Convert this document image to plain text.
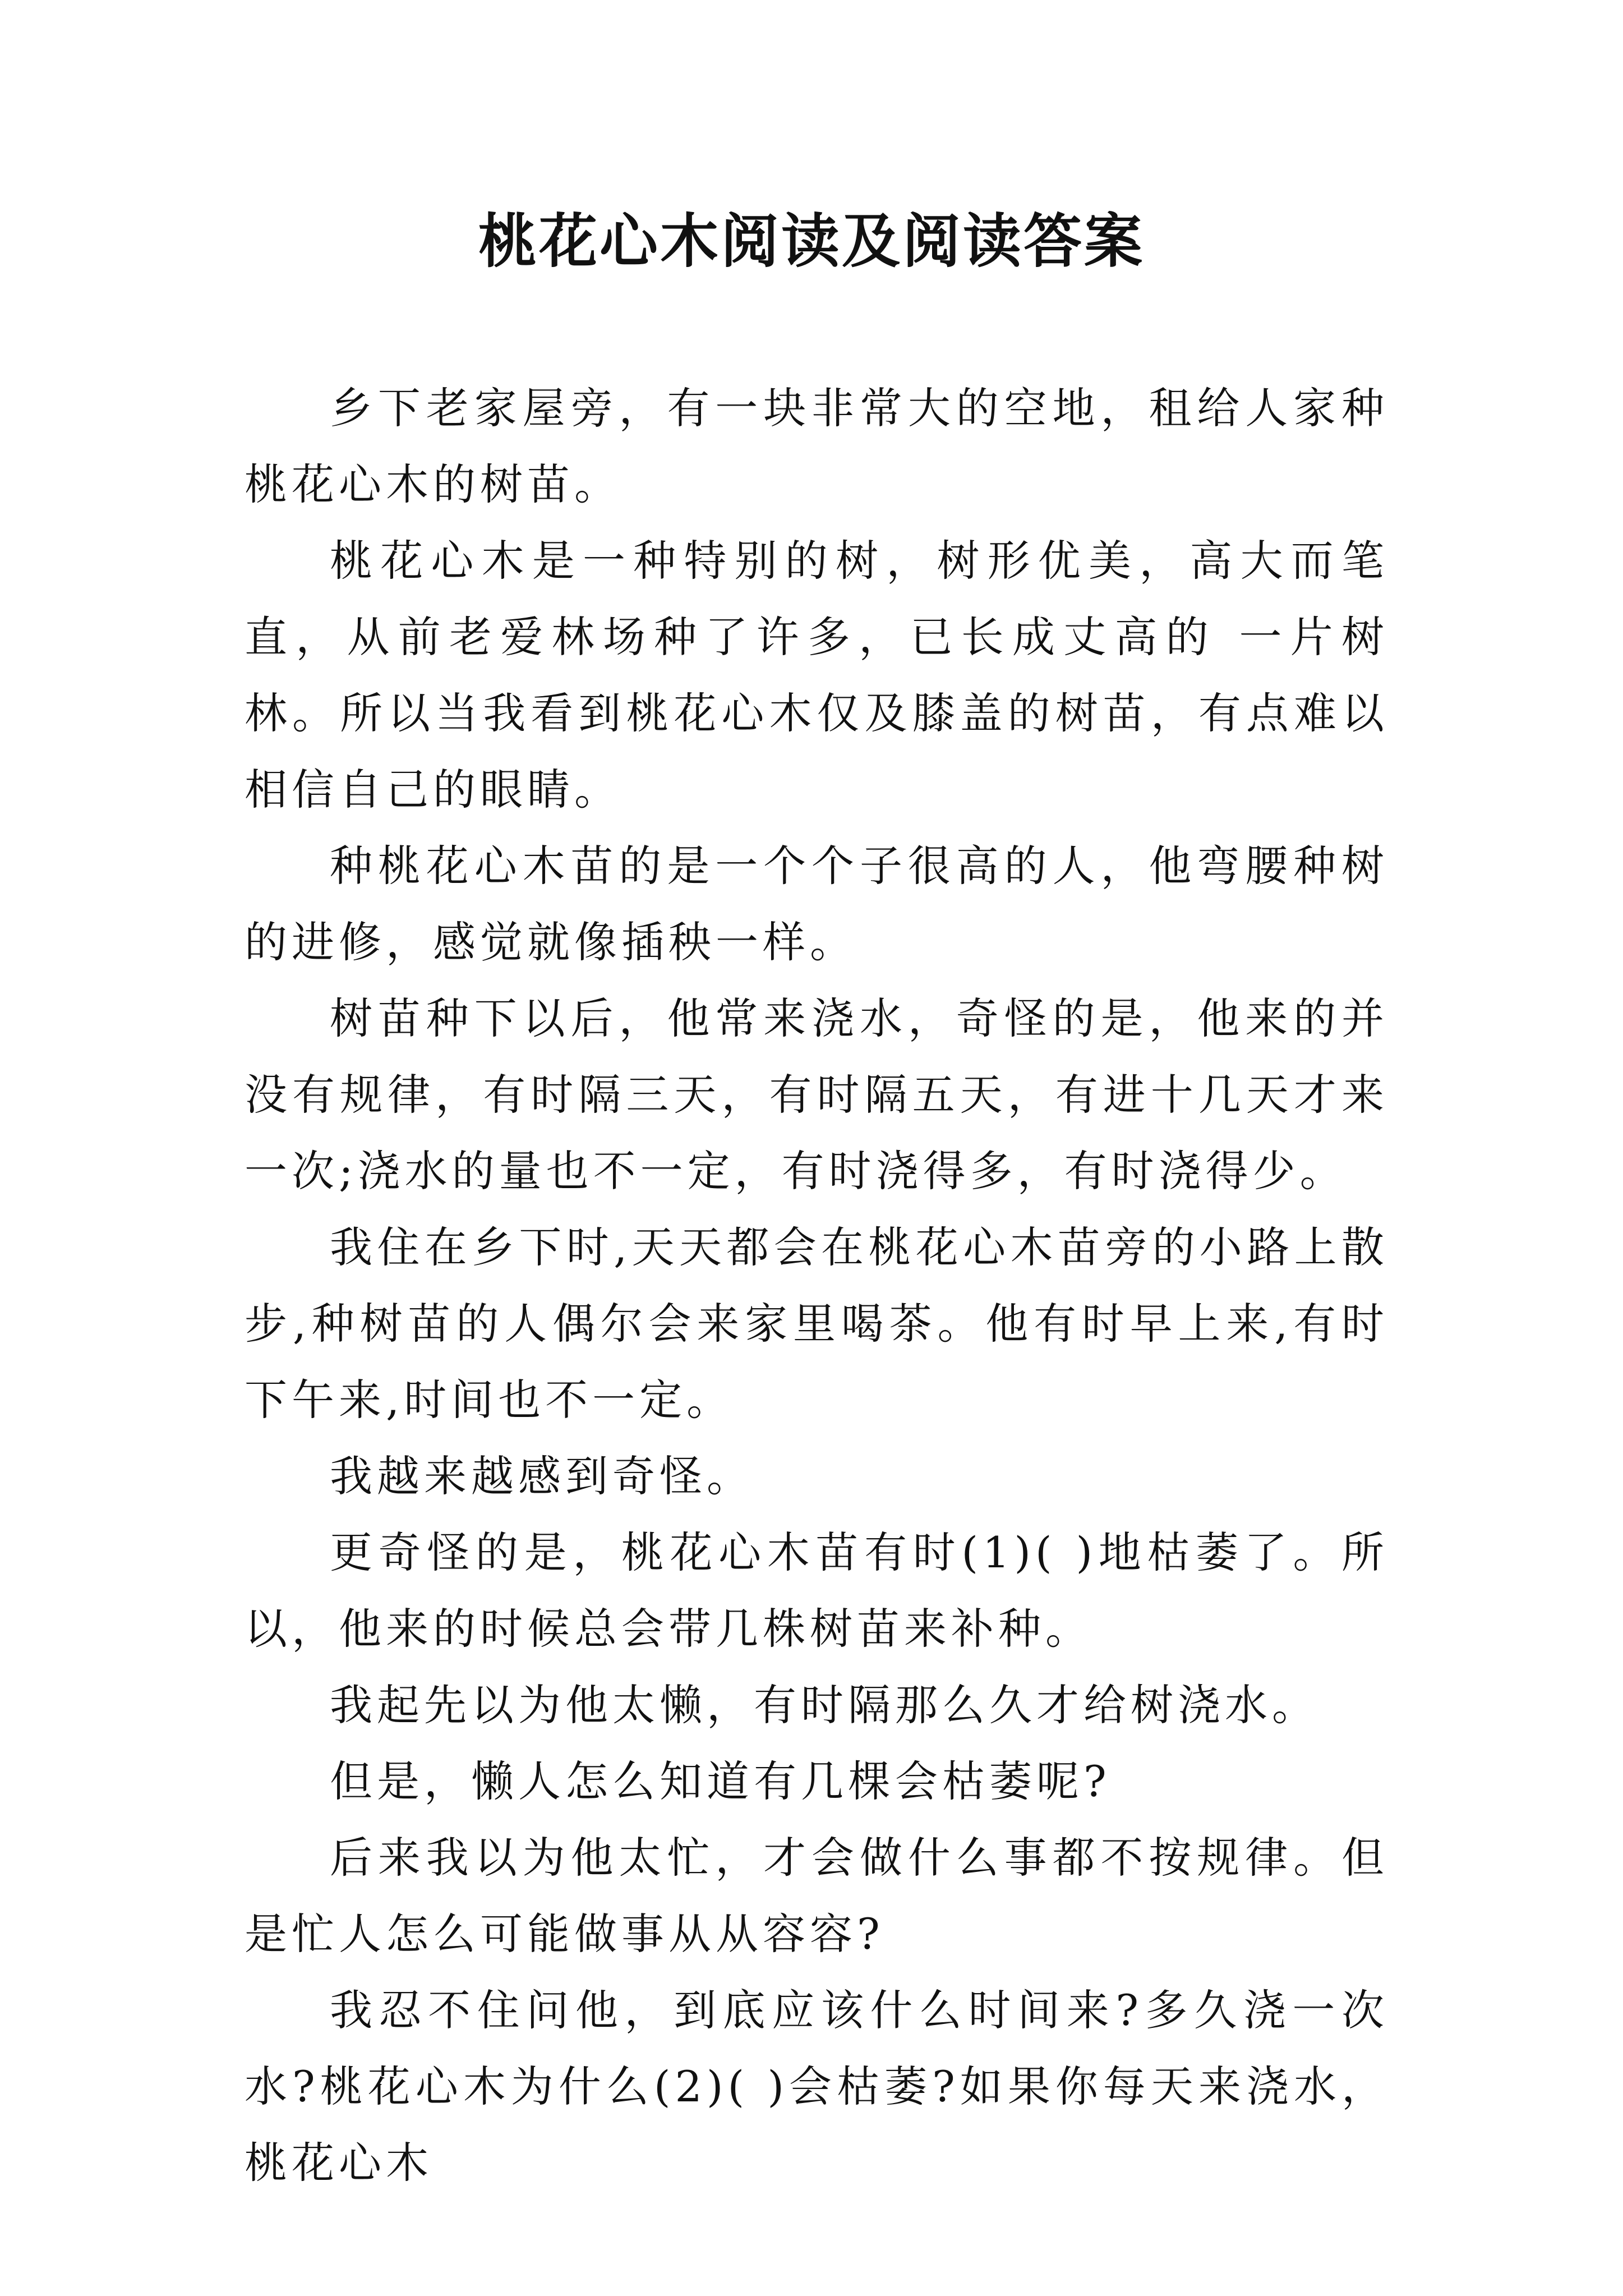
桃花心木阅读及阅读答案

乡下老家屋旁，有一块非常大的空地，租给人家种桃花心木的树苗。

桃花心木是一种特别的树，树形优美，高大而笔直，从前老爱林场种了许多，已长成丈高的 一片树林。所以当我看到桃花心木仅及膝盖的树苗，有点难以相信自己的眼睛。

种桃花心木苗的是一个个子很高的人，他弯腰种树的进修，感觉就像插秧一样。

树苗种下以后，他常来浇水，奇怪的是，他来的并没有规律，有时隔三天，有时隔五天，有进十几天才来一次;浇水的量也不一定，有时浇得多，有时浇得少。

我住在乡下时,天天都会在桃花心木苗旁的小路上散步,种树苗的人偶尔会来家里喝茶。他有时早上来,有时下午来,时间也不一定。

我越来越感到奇怪。

更奇怪的是，桃花心木苗有时(1)( )地枯萎了。所以，他来的时候总会带几株树苗来补种。

我起先以为他太懒，有时隔那么久才给树浇水。

但是，懒人怎么知道有几棵会枯萎呢?

后来我以为他太忙，才会做什么事都不按规律。但是忙人怎么可能做事从从容容?

我忍不住问他，到底应该什么时间来?多久浇一次水?桃花心木为什么(2)( )会枯萎?如果你每天来浇水，桃花心木
